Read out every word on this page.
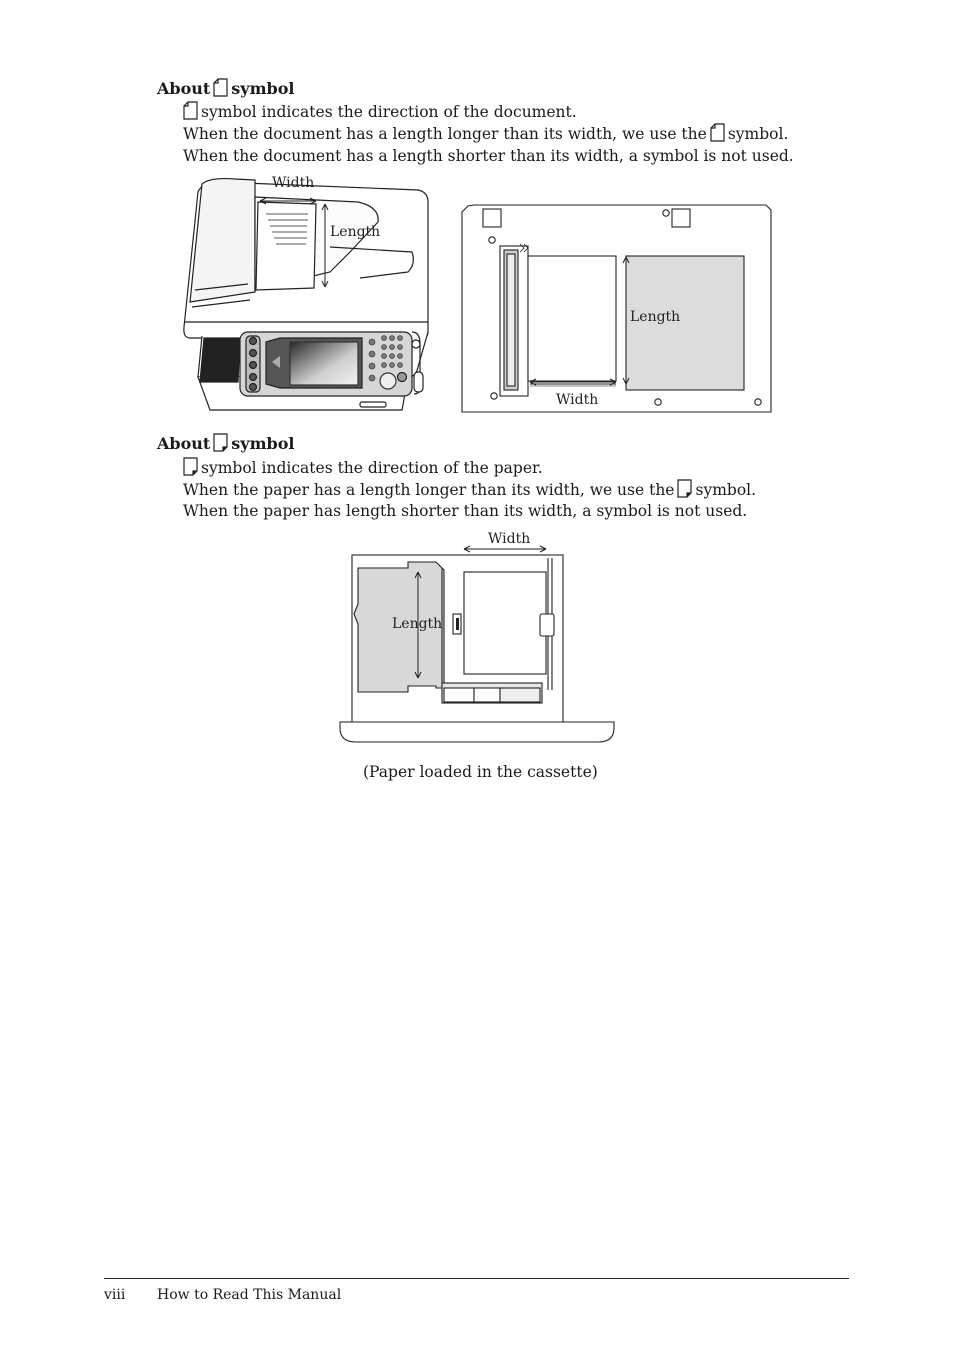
About symbol
symbol indicates the direction of the document.
When the document has a length longer than its width, we use the symbol.
When the document has a length shorter than its width, a symbol is not used.
Width
Length
Length
Width
About symbol
symbol indicates the direction of the paper.
When the paper has a length longer than its width, we use the symbol.
When the paper has length shorter than its width, a symbol is not used.
Width
Length
(Paper loaded in the cassette)
viii How to Read This Manual
